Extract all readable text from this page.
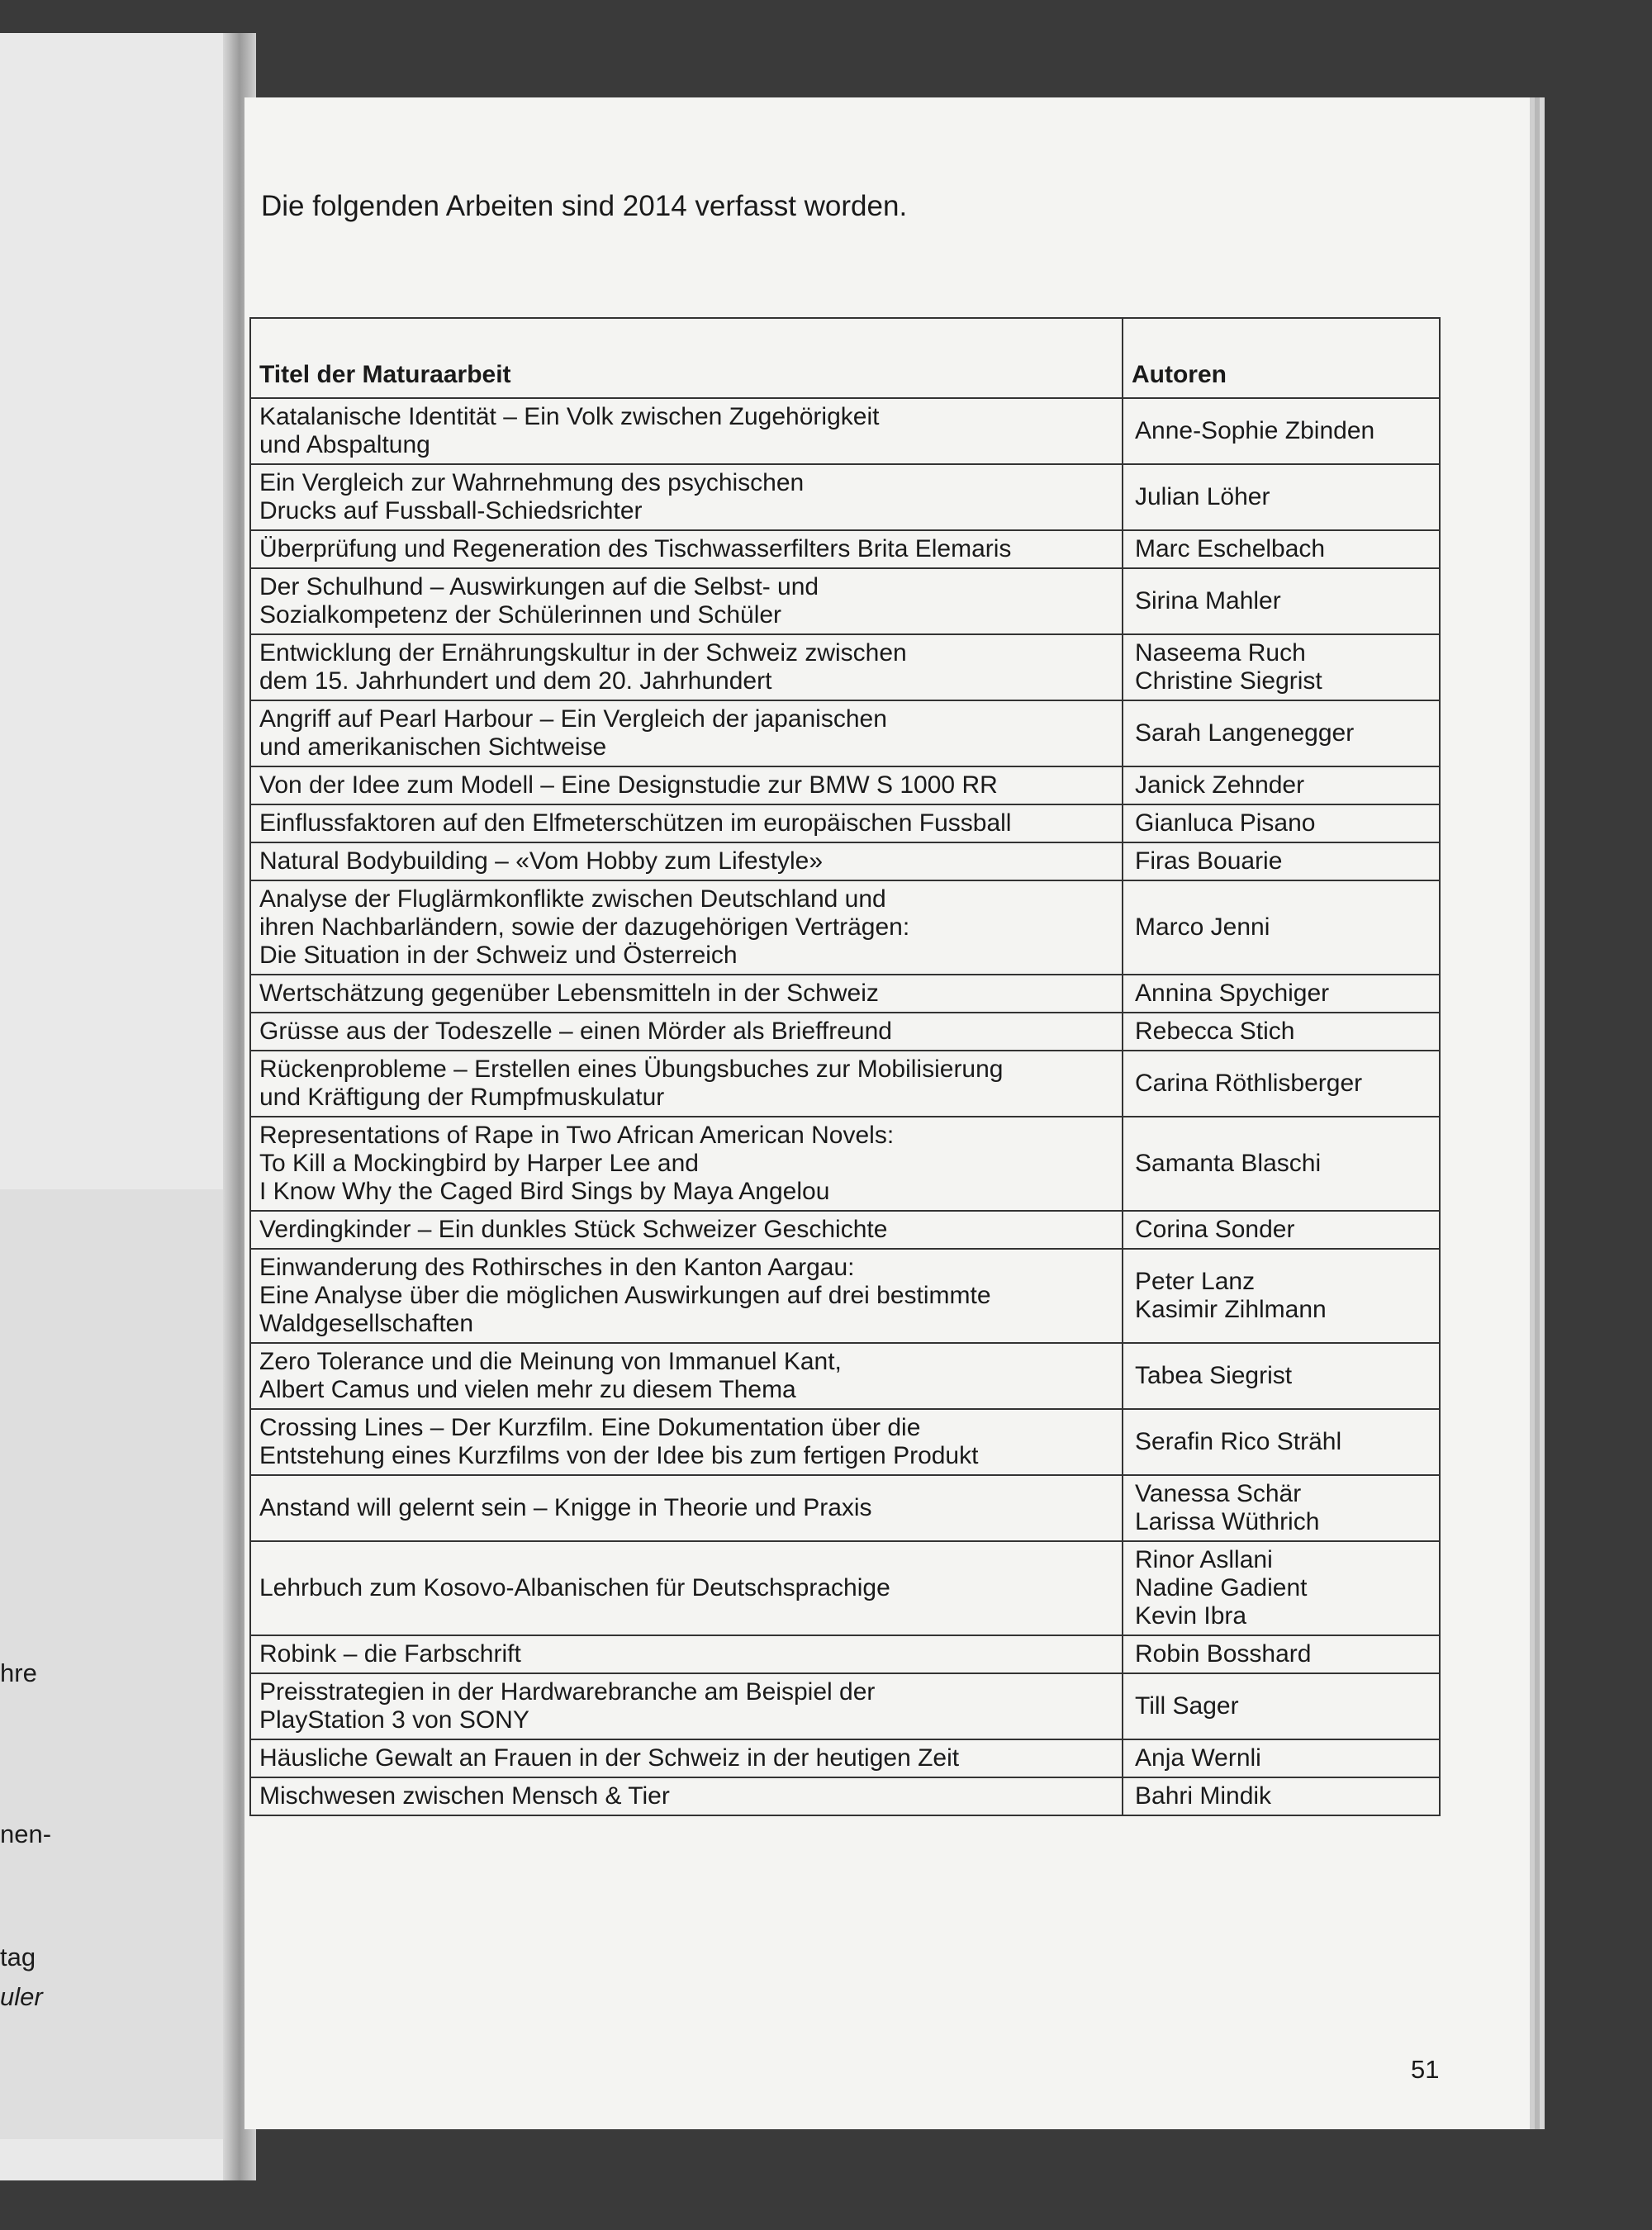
hre
nen-
tag
uler
Die folgenden Arbeiten sind 2014 verfasst worden.
Titel der Maturaarbeit	Autoren

Katalanische Identität – Ein Volk zwischen Zugehörigkeit
und Abspaltung	Anne-Sophie Zbinden

Ein Vergleich zur Wahrnehmung des psychischen
Drucks auf Fussball-Schiedsrichter	Julian Löher

Überprüfung und Regeneration des Tischwasserfilters Brita Elemaris	Marc Eschelbach

Der Schulhund – Auswirkungen auf die Selbst- und
Sozialkompetenz der Schülerinnen und Schüler	Sirina Mahler

Entwicklung der Ernährungskultur in der Schweiz zwischen
dem 15. Jahrhundert und dem 20. Jahrhundert	Naseema Ruch
Christine Siegrist

Angriff auf Pearl Harbour – Ein Vergleich der japanischen
und amerikanischen Sichtweise	Sarah Langenegger

Von der Idee zum Modell – Eine Designstudie zur BMW S 1000 RR	Janick Zehnder

Einflussfaktoren auf den Elfmeterschützen im europäischen Fussball	Gianluca Pisano

Natural Bodybuilding – «Vom Hobby zum Lifestyle»	Firas Bouarie

Analyse der Fluglärmkonflikte zwischen Deutschland und
ihren Nachbarländern, sowie der dazugehörigen Verträgen:
Die Situation in der Schweiz und Österreich	Marco Jenni

Wertschätzung gegenüber Lebensmitteln in der Schweiz	Annina Spychiger

Grüsse aus der Todeszelle – einen Mörder als Brieffreund	Rebecca Stich

Rückenprobleme – Erstellen eines Übungsbuches zur Mobilisierung
und Kräftigung der Rumpfmuskulatur	Carina Röthlisberger

Representations of Rape in Two African American Novels:
To Kill a Mockingbird by Harper Lee and
I Know Why the Caged Bird Sings by Maya Angelou	Samanta Blaschi

Verdingkinder – Ein dunkles Stück Schweizer Geschichte	Corina Sonder

Einwanderung des Rothirsches in den Kanton Aargau:
Eine Analyse über die möglichen Auswirkungen auf drei bestimmte
Waldgesellschaften	Peter Lanz
Kasimir Zihlmann

Zero Tolerance und die Meinung von Immanuel Kant,
Albert Camus und vielen mehr zu diesem Thema	Tabea Siegrist

Crossing Lines – Der Kurzfilm. Eine Dokumentation über die
Entstehung eines Kurzfilms von der Idee bis zum fertigen Produkt	Serafin Rico Strähl

Anstand will gelernt sein – Knigge in Theorie und Praxis	Vanessa Schär
Larissa Wüthrich

Lehrbuch zum Kosovo-Albanischen für Deutschsprachige	Rinor Asllani
Nadine Gadient
Kevin Ibra

Robink – die Farbschrift	Robin Bosshard

Preisstrategien in der Hardwarebranche am Beispiel der
PlayStation 3 von SONY	Till Sager

Häusliche Gewalt an Frauen in der Schweiz in der heutigen Zeit	Anja Wernli

Mischwesen zwischen Mensch & Tier	Bahri Mindik
51
